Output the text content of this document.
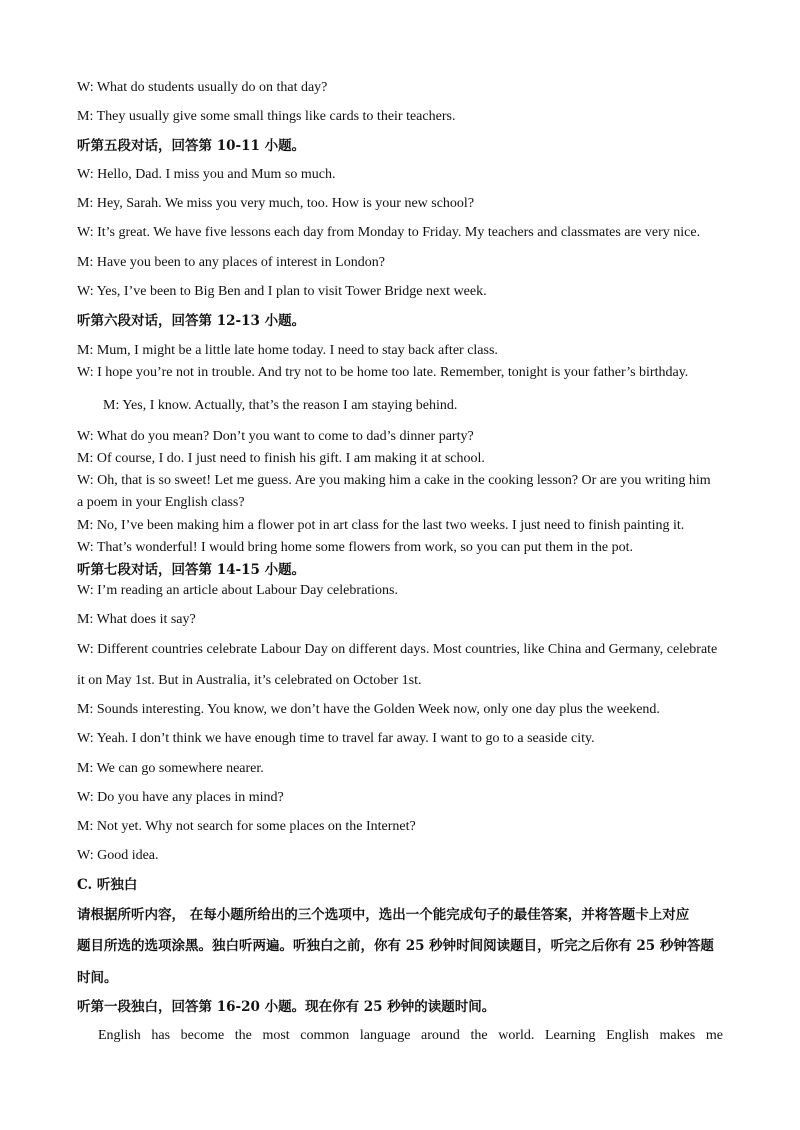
W: What do students usually do on that day?
M: They usually give some small things like cards to their teachers.
听第五段对话，回答第 10-11 小题。
W: Hello, Dad. I miss you and Mum so much.
M: Hey, Sarah. We miss you very much, too. How is your new school?
W: It’s great. We have five lessons each day from Monday to Friday. My teachers and classmates are very nice.
M: Have you been to any places of interest in London?
W: Yes, I’ve been to Big Ben and I plan to visit Tower Bridge next week.
听第六段对话，回答第 12-13 小题。
M: Mum, I might be a little late home today. I need to stay back after class.
W: I hope you’re not in trouble. And try not to be home too late. Remember, tonight is your father’s birthday.
M: Yes, I know. Actually, that’s the reason I am staying behind.
W: What do you mean? Don’t you want to come to dad’s dinner party?
M: Of course, I do. I just need to finish his gift. I am making it at school.
W: Oh, that is so sweet! Let me guess. Are you making him a cake in the cooking lesson? Or are you writing him
a poem in your English class?
M: No, I’ve been making him a flower pot in art class for the last two weeks. I just need to finish painting it.
W: That’s wonderful! I would bring home some flowers from work, so you can put them in the pot.
听第七段对话，回答第 14-15 小题。
W: I’m reading an article about Labour Day celebrations.
M: What does it say?
W: Different countries celebrate Labour Day on different days. Most countries, like China and Germany, celebrate
it on May 1st. But in Australia, it’s celebrated on October 1st.
M: Sounds interesting. You know, we don’t have the Golden Week now, only one day plus the weekend.
W: Yeah. I don’t think we have enough time to travel far away. I want to go to a seaside city.
M: We can go somewhere nearer.
W: Do you have any places in mind?
M: Not yet. Why not search for some places on the Internet?
W: Good idea.
C. 听独白
请根据所听内容， 在每小题所给出的三个选项中，选出一个能完成句子的最佳答案，并将答题卡上对应
题目所选的选项涂黑。独白听两遍。听独白之前，你有 25 秒钟时间阅读题目，听完之后你有 25 秒钟答题
时间。
听第一段独白，回答第 16-20 小题。现在你有 25 秒钟的读题时间。
English has become the most common language around the world. Learning English makes me
